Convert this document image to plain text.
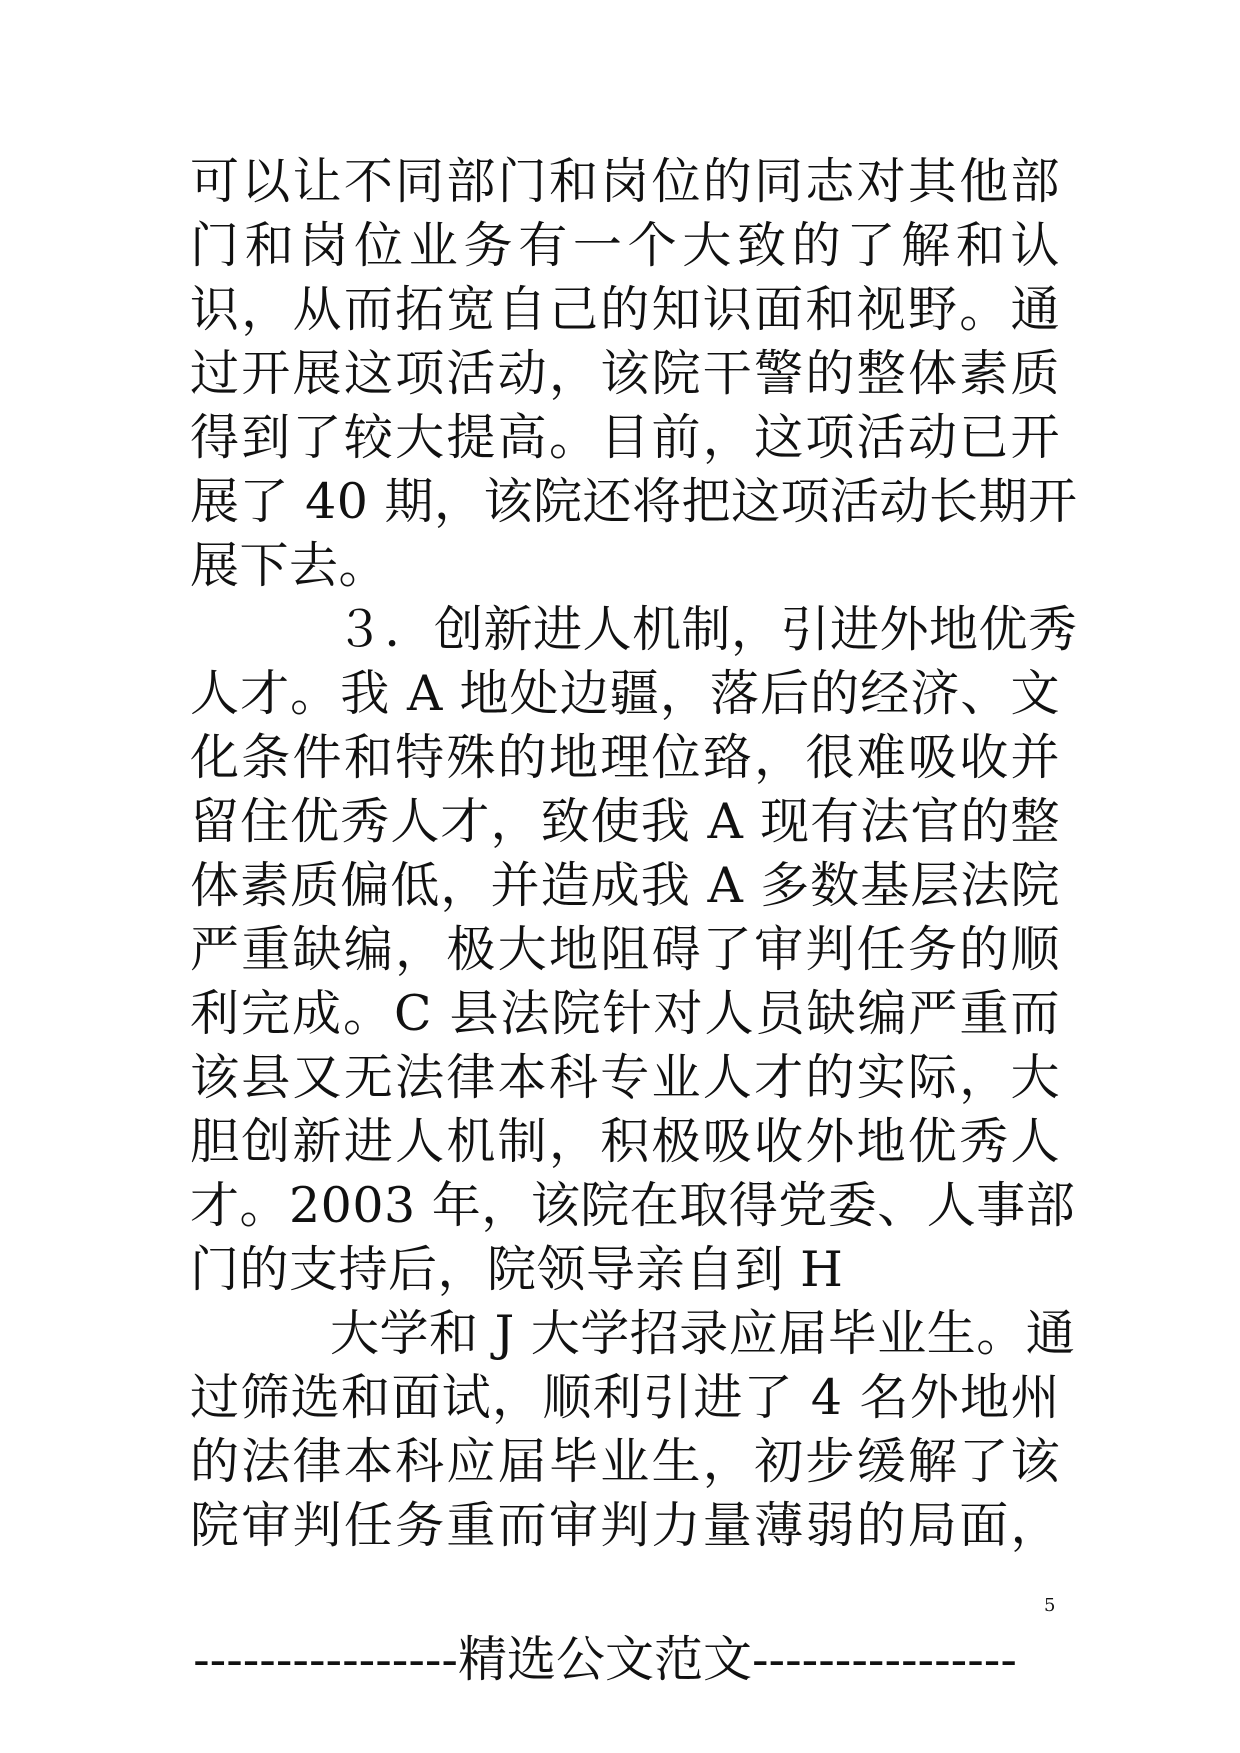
可以让不同部门和岗位的同志对其他部
门和岗位业务有一个大致的了解和认
识，从而拓宽自己的知识面和视野。通
过开展这项活动，该院干警的整体素质
得到了较大提高。目前，这项活动已开
展了 40 期，该院还将把这项活动长期开
展下去。
３．创新进人机制，引进外地优秀
人才。我 A 地处边疆，落后的经济、文
化条件和特殊的地理位臵，很难吸收并
留住优秀人才，致使我 A 现有法官的整
体素质偏低，并造成我 A 多数基层法院
严重缺编，极大地阻碍了审判任务的顺
利完成。C 县法院针对人员缺编严重而
该县又无法律本科专业人才的实际，大
胆创新进人机制，积极吸收外地优秀人
才。2003 年，该院在取得党委、人事部
门的支持后，院领导亲自到 H
大学和 J 大学招录应届毕业生。通
过筛选和面试，顺利引进了 4 名外地州
的法律本科应届毕业生，初步缓解了该
院审判任务重而审判力量薄弱的局面，
5
----------------精选公文范文----------------
